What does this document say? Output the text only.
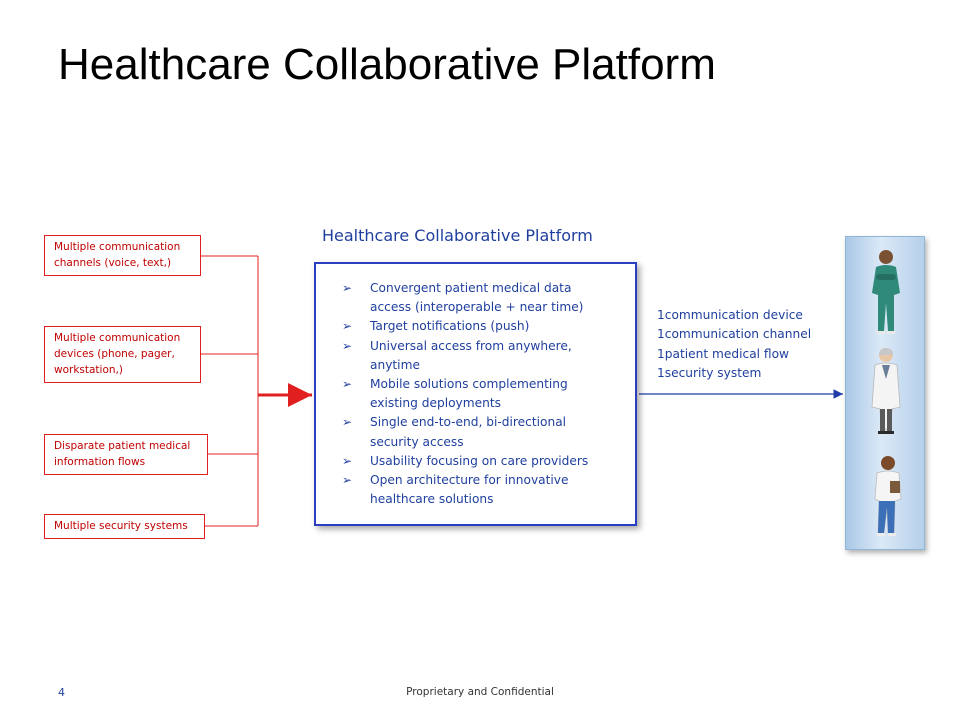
Healthcare Collaborative Platform
Multiple communication
channels (voice, text,)
Multiple communication
devices (phone, pager,
workstation,)
Disparate patient medical
information flows
Multiple security systems
Healthcare Collaborative Platform
➢ Convergent patient medical data
access (interoperable + near time)
➢ Target notifications (push)
➢ Universal access from anywhere,
anytime
➢ Mobile solutions complementing
existing deployments
➢ Single end-to-end, bi-directional
security access
➢ Usability focusing on care providers
➢ Open architecture for innovative
healthcare solutions
1communication device
1communication channel
1patient medical flow
1security system
4	Proprietary and Confidential
